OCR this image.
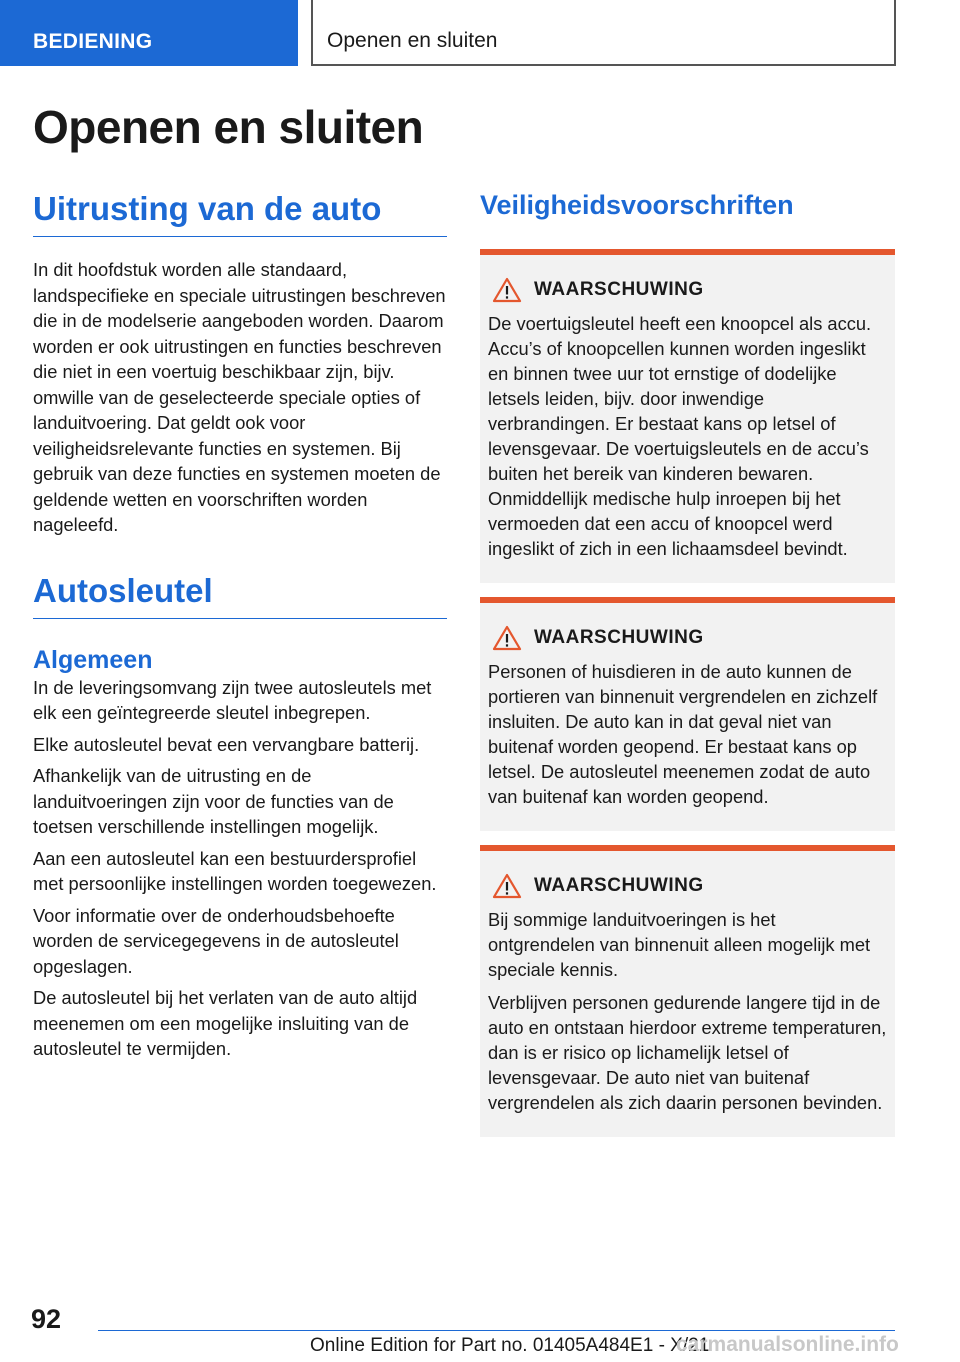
BEDIENING	Openen en sluiten
Openen en sluiten
Uitrusting van de auto

In dit hoofdstuk worden alle standaard, landspecifieke en speciale uitrustingen beschreven die in de modelserie aangeboden worden. Daarom worden er ook uitrustingen en functies beschreven die niet in een voertuig beschikbaar zijn, bijv. omwille van de geselecteerde speciale opties of landuitvoering. Dat geldt ook voor veiligheidsrelevante functies en systemen. Bij gebruik van deze functies en systemen moeten de geldende wetten en voorschriften worden nageleefd.

Autosleutel
Algemeen

In de leveringsomvang zijn twee autosleutels met elk een geïntegreerde sleutel inbegrepen.

Elke autosleutel bevat een vervangbare batterij.

Afhankelijk van de uitrusting en de landuitvoeringen zijn voor de functies van de toetsen verschillende instellingen mogelijk.

Aan een autosleutel kan een bestuurdersprofiel met persoonlijke instellingen worden toegewezen.

Voor informatie over de onderhoudsbehoefte worden de servicegegevens in de autosleutel opgeslagen.

De autosleutel bij het verlaten van de auto altijd meenemen om een mogelijke insluiting van de autosleutel te vermijden.

Veiligheidsvoorschriften
WAARSCHUWING

De voertuigsleutel heeft een knoopcel als accu. Accu’s of knoopcellen kunnen worden ingeslikt en binnen twee uur tot ernstige of dodelijke letsels leiden, bijv. door inwendige verbrandingen. Er bestaat kans op letsel of levensgevaar. De voertuigsleutels en de accu’s buiten het bereik van kinderen bewaren. Onmiddellijk medische hulp inroepen bij het vermoeden dat een accu of knoopcel werd ingeslikt of zich in een lichaamsdeel bevindt.

WAARSCHUWING

Personen of huisdieren in de auto kunnen de portieren van binnenuit vergrendelen en zichzelf insluiten. De auto kan in dat geval niet van buitenaf worden geopend. Er bestaat kans op letsel. De autosleutel meenemen zodat de auto van buitenaf kan worden geopend.

WAARSCHUWING

Bij sommige landuitvoeringen is het ontgrendelen van binnenuit alleen mogelijk met speciale kennis.

Verblijven personen gedurende langere tijd in de auto en ontstaan hierdoor extreme temperaturen, dan is er risico op lichamelijk letsel of levensgevaar. De auto niet van buitenaf vergrendelen als zich daarin personen bevinden.

92
Online Edition for Part no. 01405A484E1 - X/21
carmanualsonline.info
